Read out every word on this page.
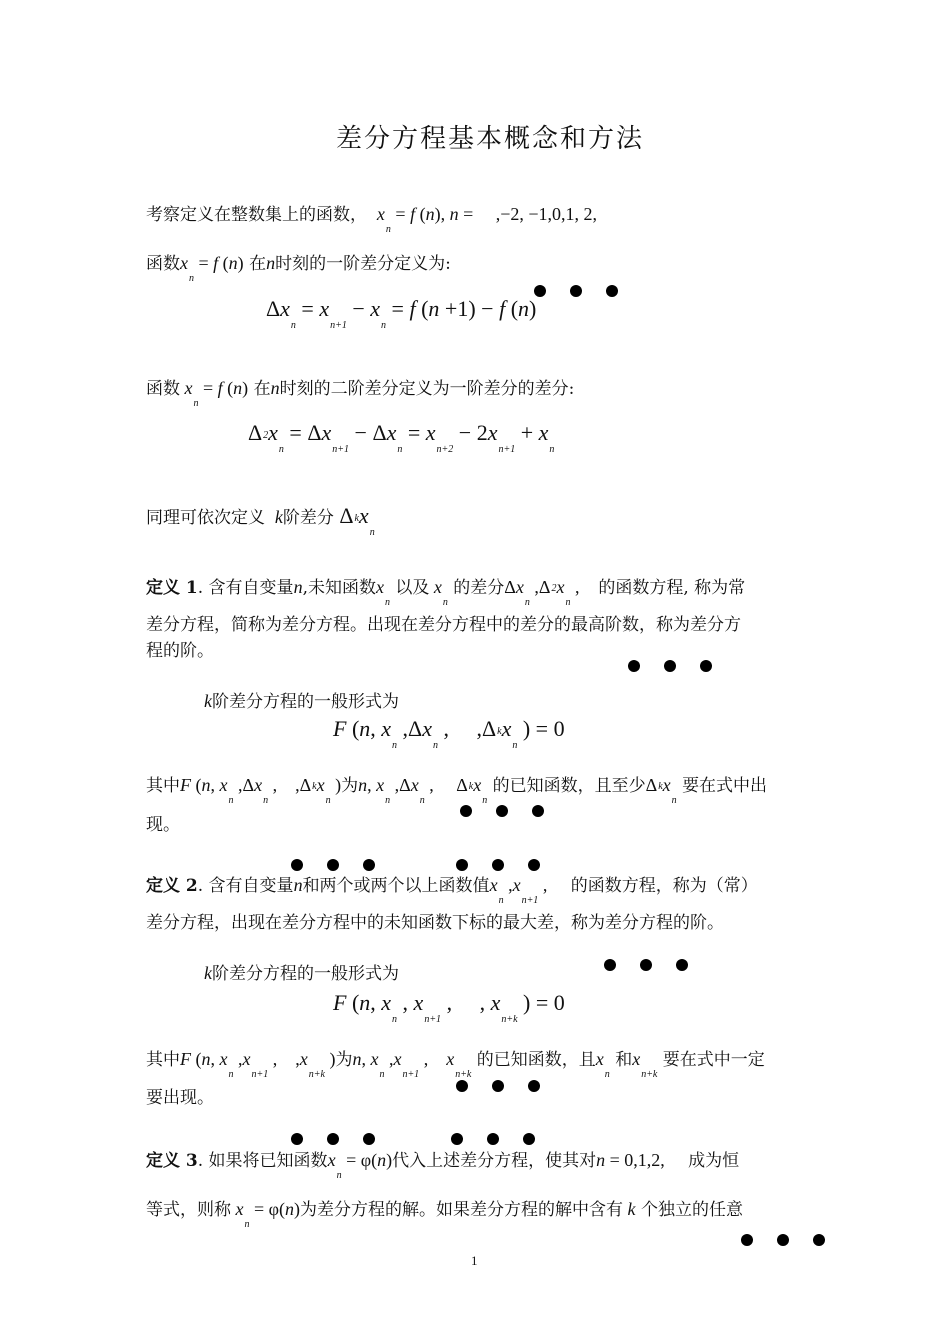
差分方程基本概念和方法
考察定义在整数集上的函数，  $x_n = f$ (n), n = ,−2, −1,0,1, 2,
函数$x_n = f$ (n) 在n时刻的一阶差分定义为:
$\Delta x_n = x_{n+1} - x_n = f$ (n +1) − f (n)
函数 $x_n = f$ (n) 在n时刻的二阶差分定义为一阶差分的差分:
$\Delta 2x_n = \Delta x_{n+1} - \Delta x_n = x_{n+2} - 2x_{n+1} + x_n$
同理可依次定义  k阶差分 Δkx$_n$
定义 1. 含有自变量n,未知函数$x_n$ 以及 $x_n$ 的差分$\Delta x_n$ $,\Delta 2x_n$ , 的函数方程, 称为常
差分方程，简称为差分方程。出现在差分方程中的差分的最高阶数，称为差分方
程的阶。
k阶差分方程的一般形式为
F (n, $x_n$ $,\Delta x_n$ , ,Δkx$_n$ ) = 0
其中F (n, $x_n$ $,\Delta x_n$ , ,Δkx$_n$ )为n, $x_n$ $,\Delta x_n$ , Δkx$_n$ 的已知函数，且至少Δkx$_n$ 要在式中出
现。
定义 2. 含有自变量n和两个或两个以上函数值$x_n$ $,x_{n+1}$ , 的函数方程，称为（常）
差分方程，出现在差分方程中的未知函数下标的最大差，称为差分方程的阶。
k阶差分方程的一般形式为
F (n, $x_n$ , $x_{n+1}$ , , $x_{n+k}$ ) = 0
其中F (n, $x_n$ $,x_{n+1}$ , $,x_{n+k}$ )为n, $x_n$ $,x_{n+1}$ ,    $x_{n+k}$ 的已知函数，且$x_n$ 和$x_{n+k}$ 要在式中一定
要出现。
定义 3. 如果将已知函数$x_n = \varphi(n)$代入上述差分方程，使其对n = 0,1,2, 成为恒
等式，则称 $x_n = \varphi(n)$为差分方程的解。如果差分方程的解中含有 k 个独立的任意
1
